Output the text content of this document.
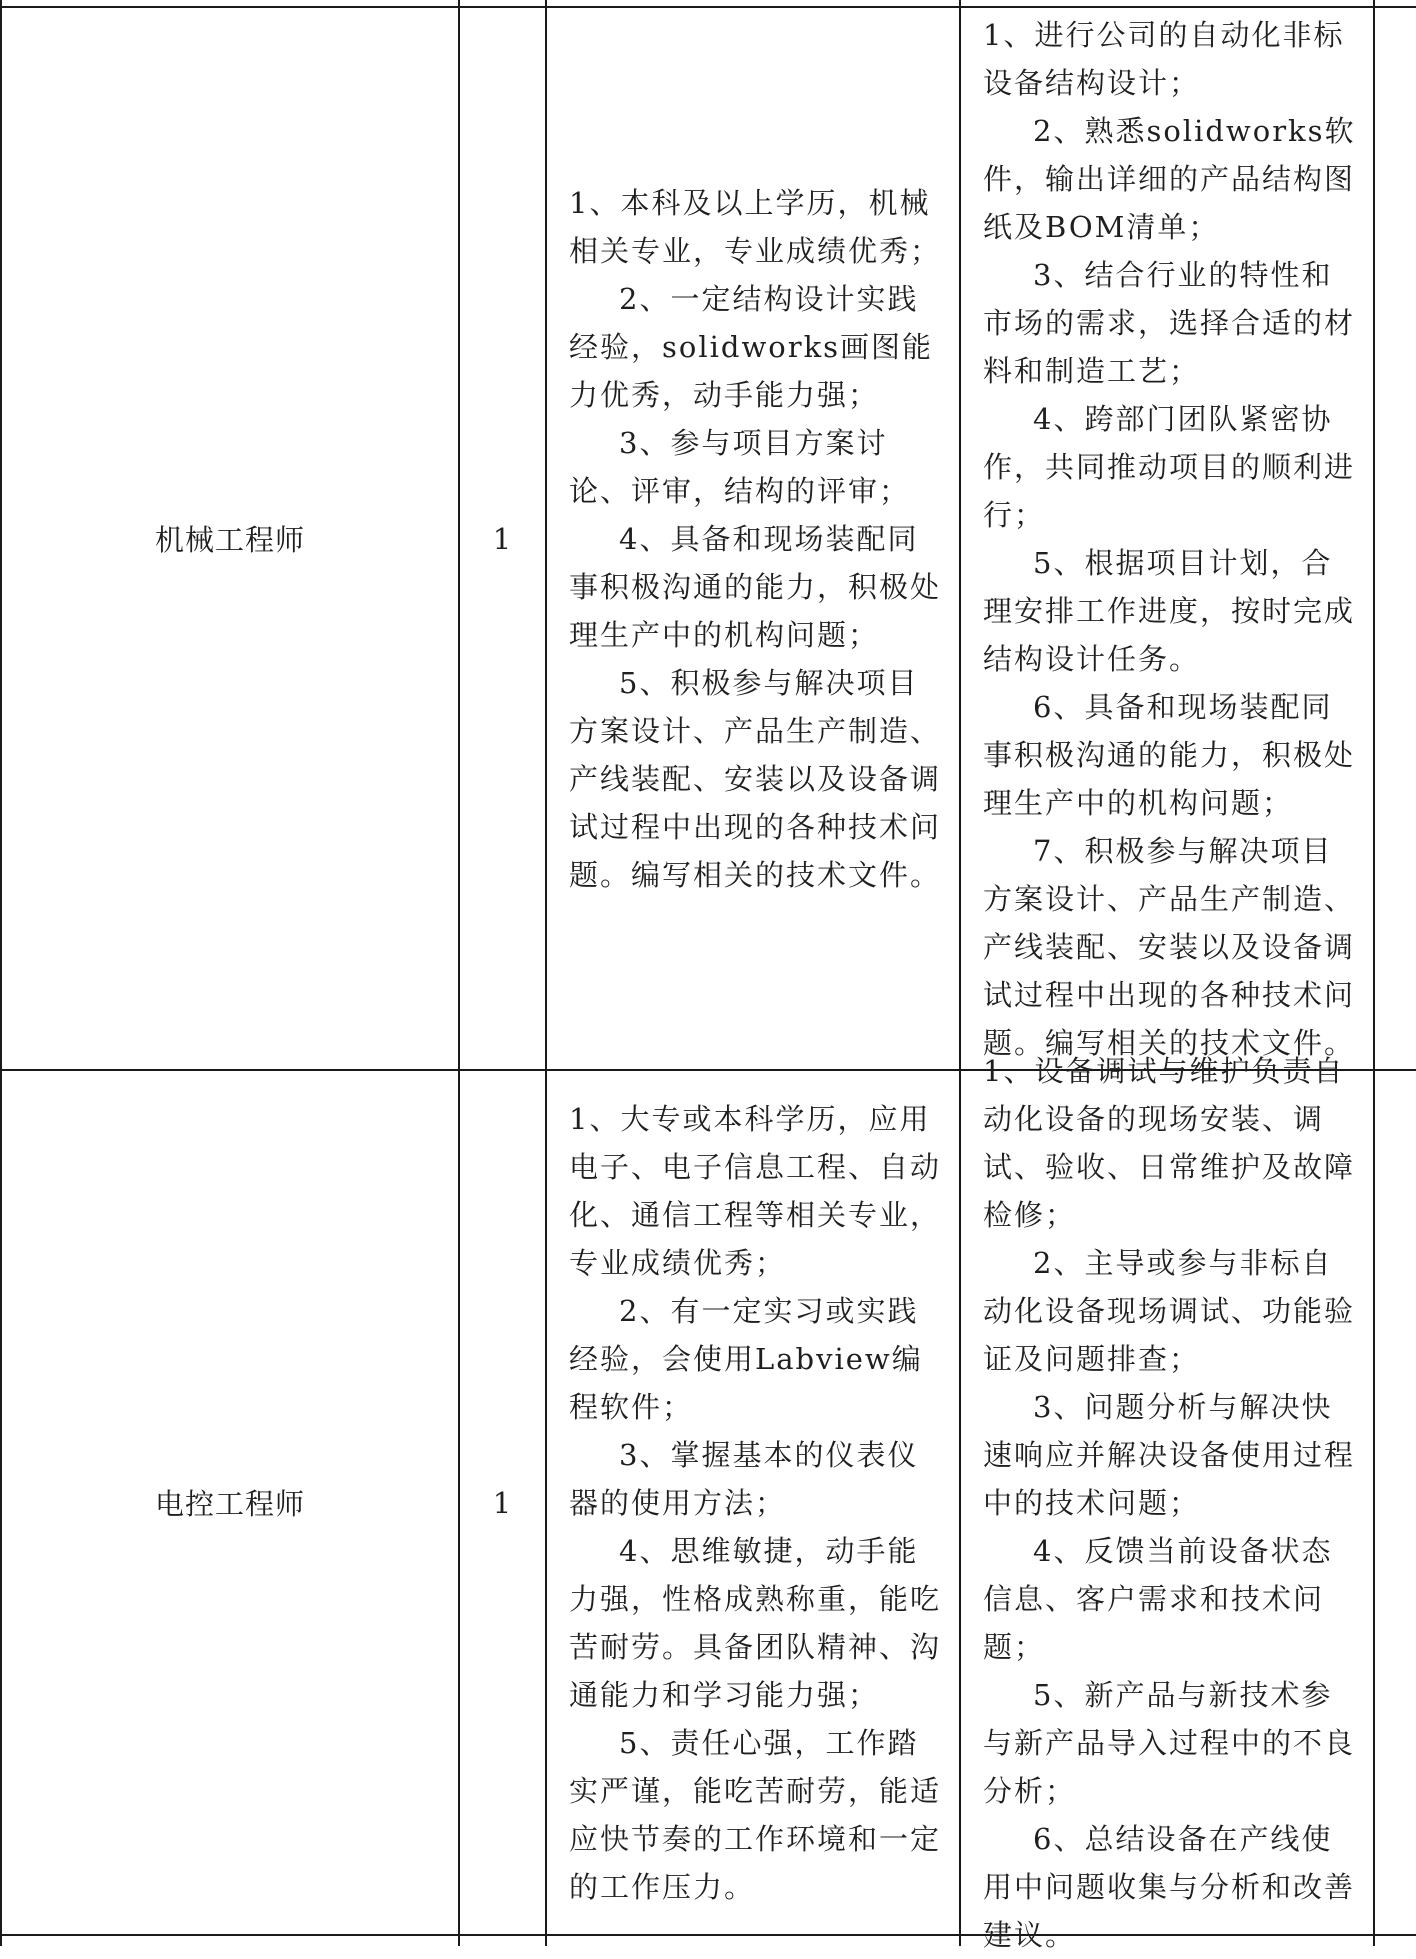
机械工程师	1

1、本科及以上学历，机械相关专业，专业成绩优秀；

2、一定结构设计实践经验，solidworks画图能力优秀，动手能力强；

3、参与项目方案讨论、评审，结构的评审；

4、具备和现场装配同事积极沟通的能力，积极处理生产中的机构问题；

5、积极参与解决项目方案设计、产品生产制造、产线装配、安装以及设备调试过程中出现的各种技术问题。编写相关的技术文件。

1、进行公司的自动化非标设备结构设计；

2、熟悉solidworks软件，输出详细的产品结构图纸及BOM清单；

3、结合行业的特性和市场的需求，选择合适的材料和制造工艺；

4、跨部门团队紧密协作，共同推动项目的顺利进行；

5、根据项目计划，合理安排工作进度，按时完成结构设计任务。

6、具备和现场装配同事积极沟通的能力，积极处理生产中的机构问题；

7、积极参与解决项目方案设计、产品生产制造、产线装配、安装以及设备调试过程中出现的各种技术问题。编写相关的技术文件。

电控工程师	1

1、大专或本科学历，应用电子、电子信息工程、自动化、通信工程等相关专业，专业成绩优秀；

2、有一定实习或实践经验，会使用Labview编程软件；

3、掌握基本的仪表仪器的使用方法；

4、思维敏捷，动手能力强，性格成熟称重，能吃苦耐劳。具备团队精神、沟通能力和学习能力强；

5、责任心强，工作踏实严谨，能吃苦耐劳，能适应快节奏的工作环境和一定的工作压力。

1、设备调试与维护负责自动化设备的现场安装、调试、验收、日常维护及故障检修；

2、主导或参与非标自动化设备现场调试、功能验证及问题排查；

3、问题分析与解决快速响应并解决设备使用过程中的技术问题；

4、反馈当前设备状态信息、客户需求和技术问题；

5、新产品与新技术参与新产品导入过程中的不良分析；

6、总结设备在产线使用中问题收集与分析和改善建议。
